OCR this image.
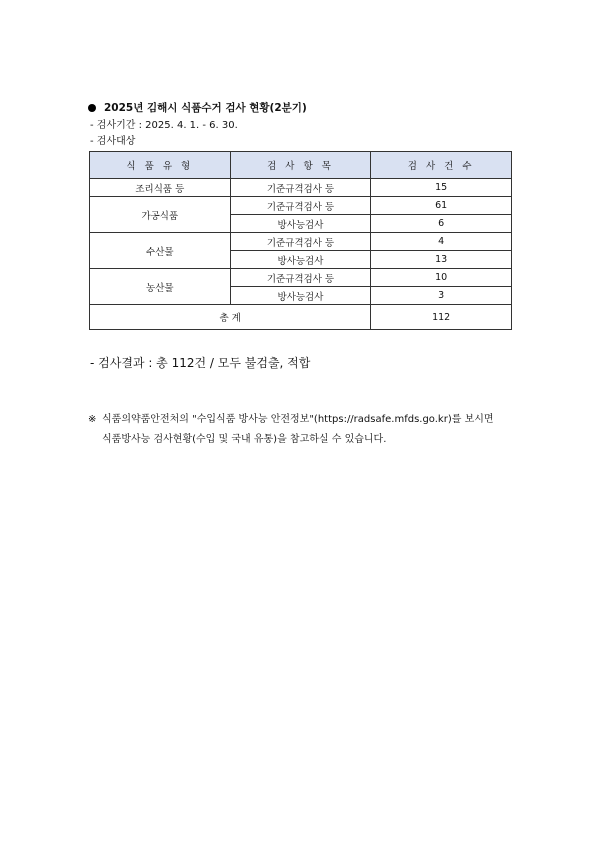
2025년 김해시 식품수거 검사 현황(2분기)
- 검사기간 : 2025. 4. 1. - 6. 30.
- 검사대상
식 품 유 형	검 사 항 목	검 사 건 수
조리식품 등	기준규격검사 등	15
가공식품	기준규격검사 등	61
	방사능검사	6
수산물	기준규격검사 등	4
	방사능검사	13
농산물	기준규격검사 등	10
	방사능검사	3
총 계		112
- 검사결과 : 총 112건 / 모두 불검출, 적합
※ 식품의약품안전처의 "수입식품 방사능 안전정보"(https://radsafe.mfds.go.kr)를 보시면
식품방사능 검사현황(수입 및 국내 유통)을 참고하실 수 있습니다.
